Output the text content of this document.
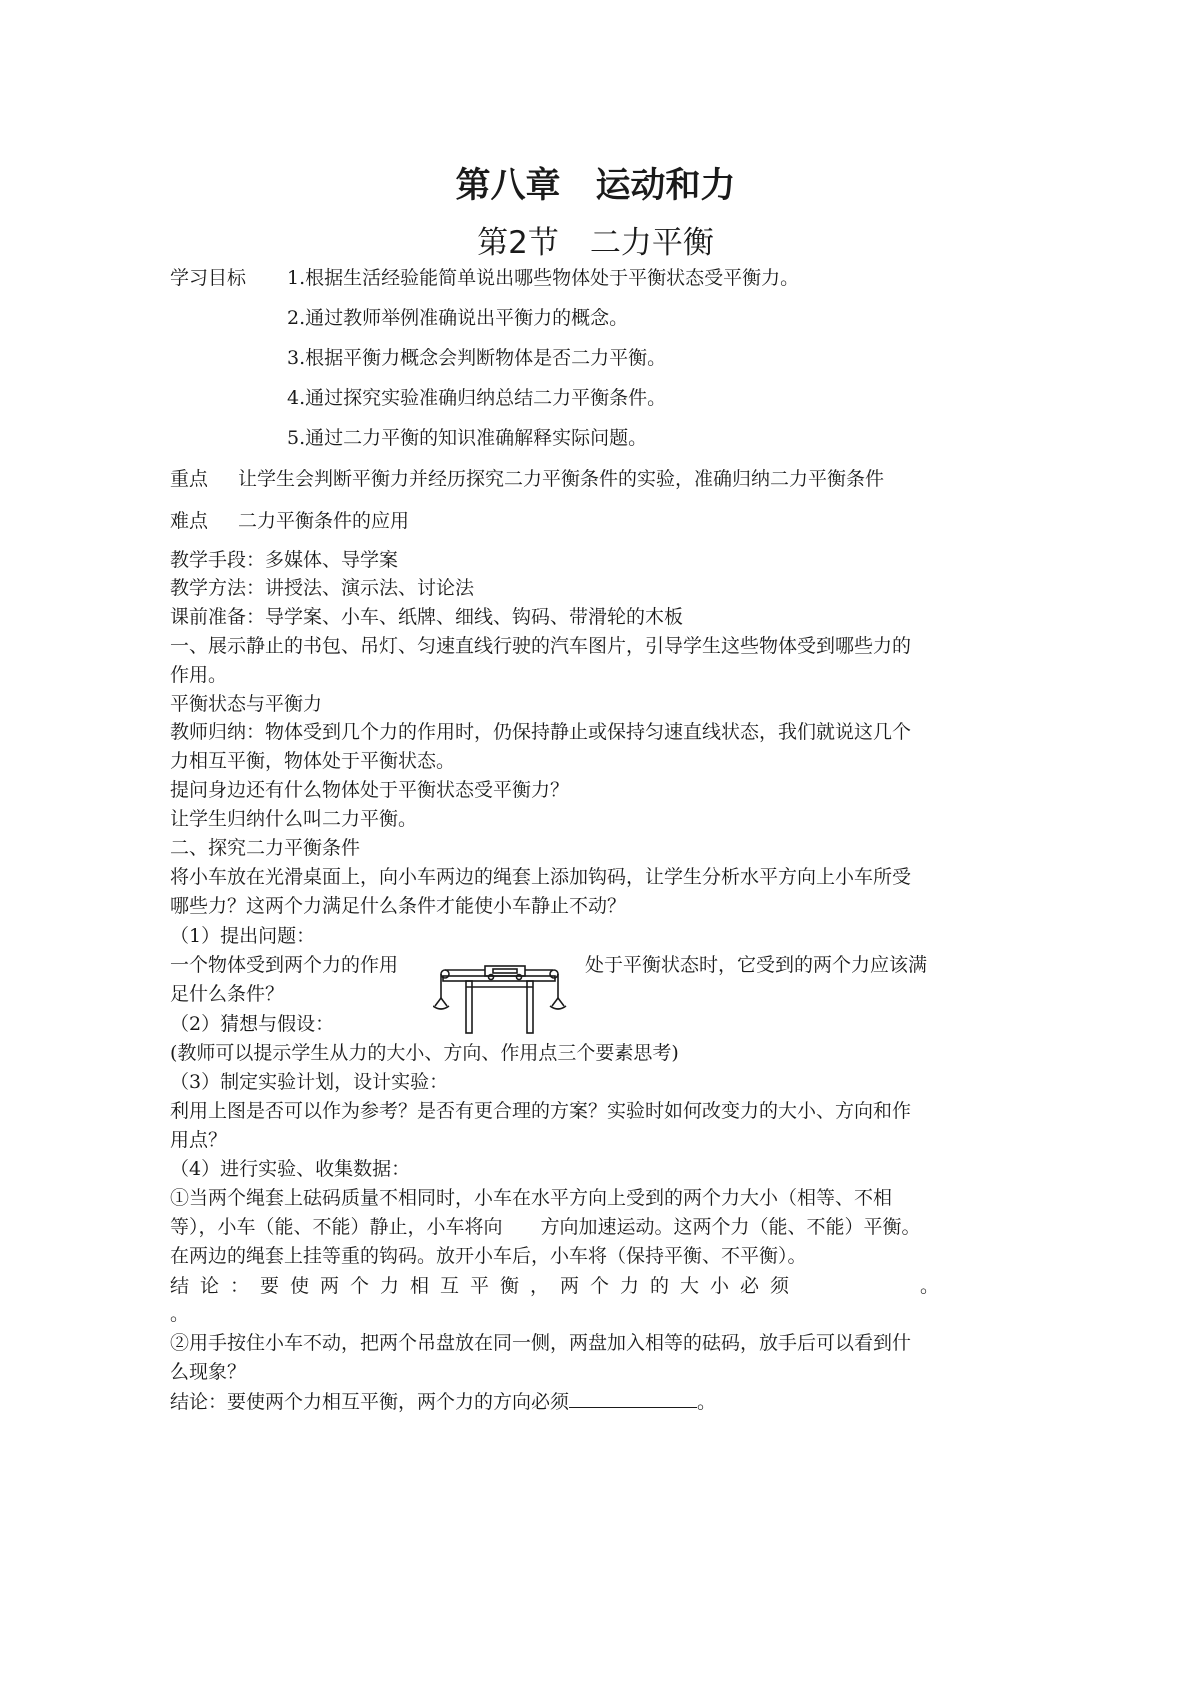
第八章　运动和力
第2节　二力平衡
学习目标 1.根据生活经验能简单说出哪些物体处于平衡状态受平衡力。
2.通过教师举例准确说出平衡力的概念。
3.根据平衡力概念会判断物体是否二力平衡。
4.通过探究实验准确归纳总结二力平衡条件。
5.通过二力平衡的知识准确解释实际问题。
重点 让学生会判断平衡力并经历探究二力平衡条件的实验，准确归纳二力平衡条件
难点 二力平衡条件的应用
教学手段：多媒体、导学案
教学方法：讲授法、演示法、讨论法
课前准备：导学案、小车、纸牌、细线、钩码、带滑轮的木板
一、展示静止的书包、吊灯、匀速直线行驶的汽车图片，引导学生这些物体受到哪些力的
作用。
平衡状态与平衡力
教师归纳：物体受到几个力的作用时，仍保持静止或保持匀速直线状态，我们就说这几个
力相互平衡，物体处于平衡状态。
提问身边还有什么物体处于平衡状态受平衡力？
让学生归纳什么叫二力平衡。
二、探究二力平衡条件
将小车放在光滑桌面上，向小车两边的绳套上添加钩码，让学生分析水平方向上小车所受
哪些力？这两个力满足什么条件才能使小车静止不动？
（1）提出问题：
一个物体受到两个力的作用	处于平衡状态时，它受到的两个力应该满
足什么条件？
（2）猜想与假设：
(教师可以提示学生从力的大小、方向、作用点三个要素思考)
（3）制定实验计划，设计实验：
利用上图是否可以作为参考？是否有更合理的方案？实验时如何改变力的大小、方向和作
用点？
（4）进行实验、收集数据：
①当两个绳套上砝码质量不相同时，小车在水平方向上受到的两个力大小（相等、不相
等），小车（能、不能）静止，小车将向　　方向加速运动。这两个力（能、不能）平衡。
在两边的绳套上挂等重的钩码。放开小车后，小车将（保持平衡、不平衡）。
结论：要使两个力相互平衡，两个力的大小必须	。
。
②用手按住小车不动，把两个吊盘放在同一侧，两盘加入相等的砝码，放手后可以看到什
么现象？
结论：要使两个力相互平衡，两个力的方向必须	。
